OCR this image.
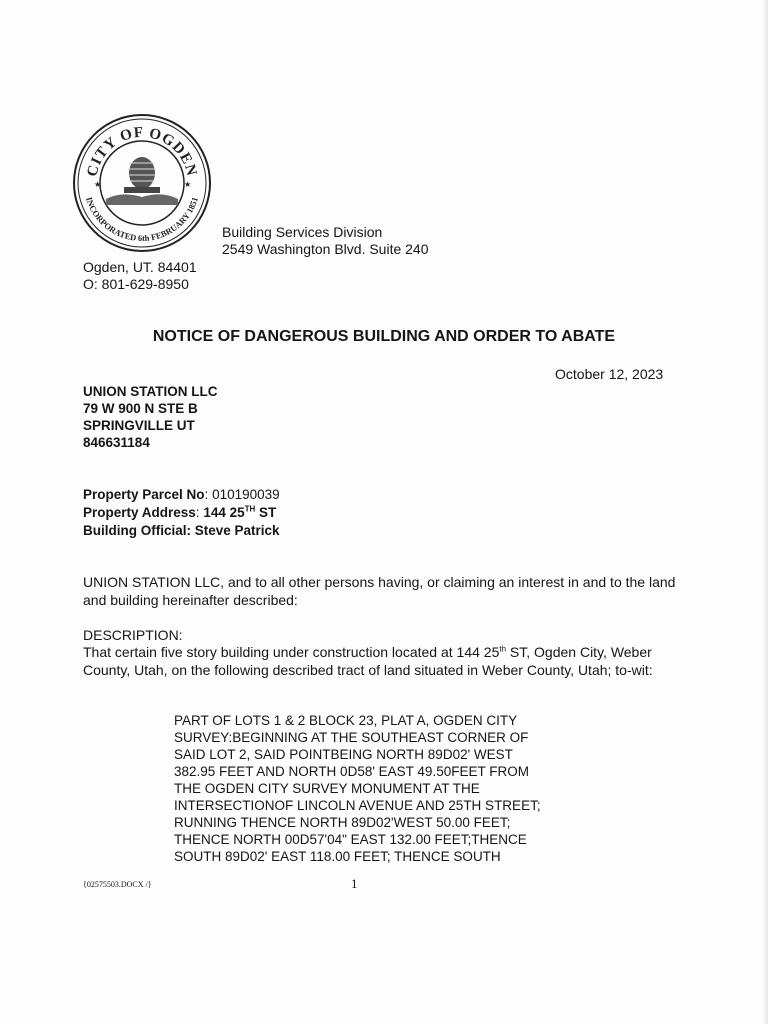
CITY OF OGDEN
INCORPORATED 6th FEBRUARY 1851
★	★
Building Services Division
2549 Washington Blvd. Suite 240
Ogden, UT. 84401
O: 801-629-8950
NOTICE OF DANGEROUS BUILDING AND ORDER TO ABATE
October 12, 2023
UNION STATION LLC
79 W 900 N STE B
SPRINGVILLE UT
846631184
Property Parcel No: 010190039
Property Address: 144 25TH ST
Building Official: Steve Patrick
UNION STATION LLC, and to all other persons having, or claiming an interest in and to the land and building hereinafter described:
DESCRIPTION:
That certain five story building under construction located at 144 25th ST, Ogden City, Weber County, Utah, on the following described tract of land situated in Weber County, Utah; to-wit:
PART OF LOTS 1 & 2 BLOCK 23, PLAT A, OGDEN CITY
SURVEY:BEGINNING AT THE SOUTHEAST CORNER OF
SAID LOT 2, SAID POINTBEING NORTH 89D02' WEST
382.95 FEET AND NORTH 0D58' EAST 49.50FEET FROM
THE OGDEN CITY SURVEY MONUMENT AT THE
INTERSECTIONOF LINCOLN AVENUE AND 25TH STREET;
RUNNING THENCE NORTH 89D02'WEST 50.00 FEET;
THENCE NORTH 00D57'04" EAST 132.00 FEET;THENCE
SOUTH 89D02' EAST 118.00 FEET; THENCE SOUTH
{02575503.DOCX /}	1
